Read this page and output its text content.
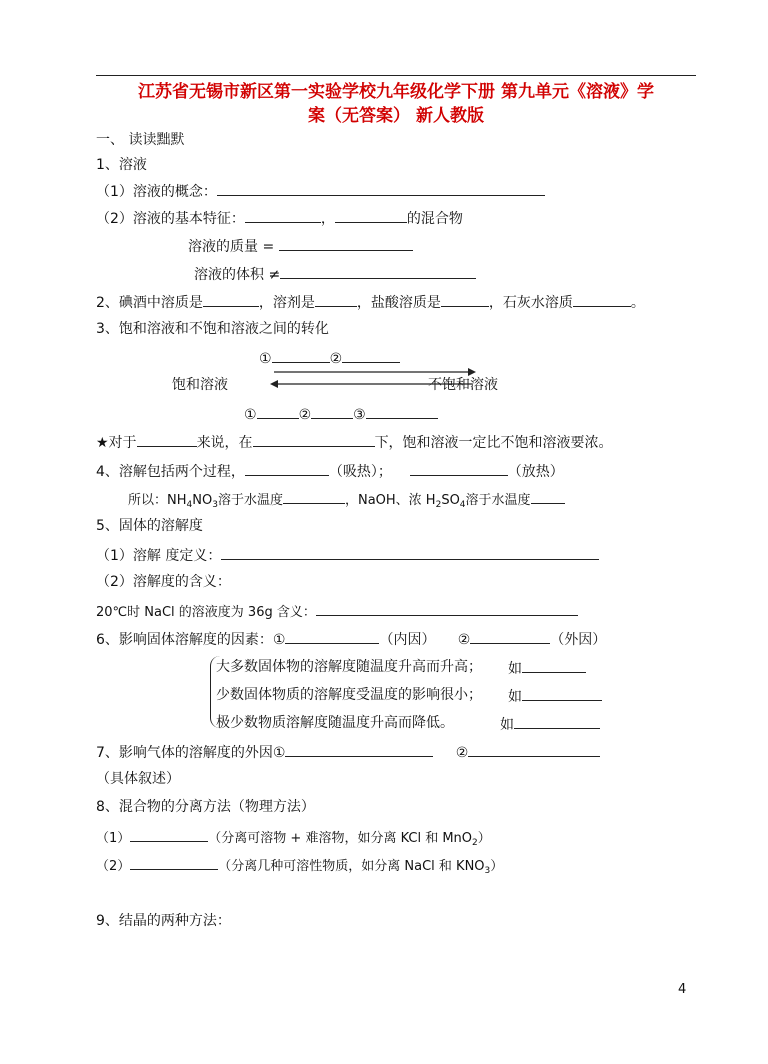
江苏省无锡市新区第一实验学校九年级化学下册 第九单元《溶液》学
案（无答案） 新人教版
一、 读读黜默
1、溶液
（1）溶液的概念：
（2）溶液的基本特征：	，	的混合物
溶液的质量 =
溶液的体积 ≠
2、碘酒中溶质是	，溶剂是	，盐酸溶质是	，石灰水溶质	。
3、饱和溶液和不饱和溶液之间的转化
①	②
饱和溶液	不饱和溶液
①	②	③
★对于	来说，在	下，饱和溶液一定比不饱和溶液要浓。
4、溶解包括两个过程，	（吸热）；	（放热）
所以：$NH_4NO_3$溶于水温度	，NaOH、浓 $H_2SO_4$溶于水温度
5、固体的溶解度
（1）溶解 度定义：
（2）溶解度的含义：
20℃时 NaCl 的溶液度为 36g 含义：
6、影响固体溶解度的因素：①	（内因） ②	（外因）
大多数固体物的溶解度随温度升高而升高； 如
少数固体物质的溶解度受温度的影响很小； 如
极少数物质溶解度随温度升高而降低。	如
7、影响气体的溶解度的外因①	②
（具体叙述）
8、混合物的分离方法（物理方法）
（1）	（分离可溶物 + 难溶物，如分离 KCl 和 MnO$_2$）
（2）	（分离几种可溶性物质，如分离 NaCl 和 $KNO_3$）
9、结晶的两种方法：
4
